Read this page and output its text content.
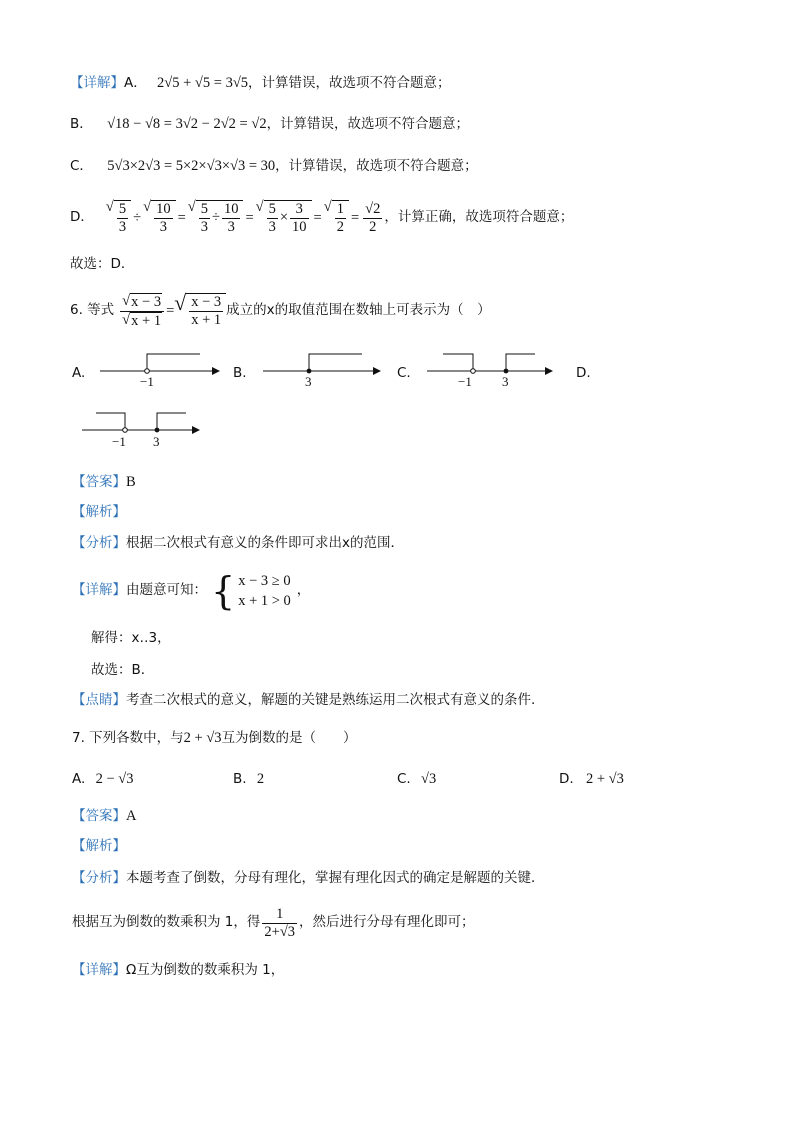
【详解】A． 2√5 + √5 = 3√5，计算错误，故选项不符合题意；
B． √18 − √8 = 3√2 − 2√2 = √2，计算错误，故选项不符合题意；
C． 5√3×2√3 = 5×2×√3×√3 = 30，计算错误，故选项不符合题意；
D．
√ $\frac{5}{3}$ ÷
√ $\frac{10}{3}$ =
√ $\frac{5}{3} \div \frac{10}{3}$ =
√ $\frac{5}{3} \times \frac{3}{10}$ =
√ $\frac{1}{2} = \frac{√2}{2}$ ，计算正确，故选项符合题意；
故选：D．
6. 等式 $\frac{√ x - 3}{√ x + 1}$ = √ $\frac{x - 3}{x + 1}$ 成立的x的取值范围在数轴上可表示为（　）
A.
−1
B.
3
C.
−1 3
D.
−1 3
【答案】B
【解析】
【分析】根据二次根式有意义的条件即可求出x的范围．
【详解】 由题意可知： { x − 3 ≥ 0
x + 1 > 0
，
解得：x‥3，
故选：B．
【点睛】考查二次根式的意义，解题的关键是熟练运用二次根式有意义的条件.
7. 下列各数中，与2 + √3互为倒数的是（　　）
A. 2 − √3	B. 2	C. √3	D. 2 + √3
【答案】A
【解析】
【分析】本题考查了倒数，分母有理化，掌握有理化因式的确定是解题的关键．
根据互为倒数的数乘积为 1，得 $\frac{1}{2+√3}$ ，然后进行分母有理化即可；
【详解】Ω互为倒数的数乘积为 1，
